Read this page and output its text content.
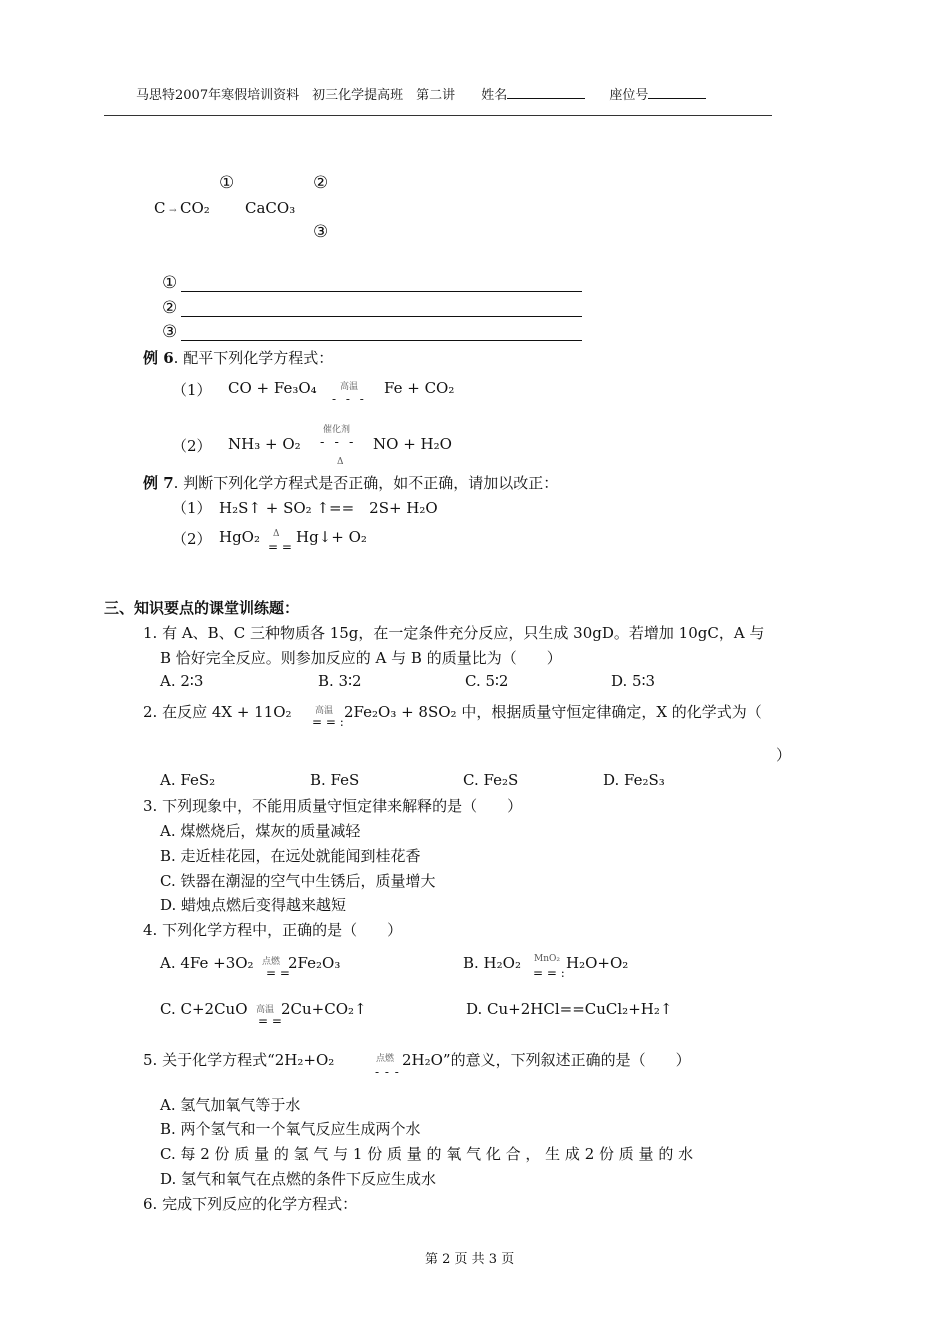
马思特2007年寒假培训资料　初三化学提高班　第二讲 姓名	座位号
①	②
C → CO₂ CaCO₃
③
①
②
③
例 6. 配平下列化学方程式：
（1） CO + Fe₃O₄	高温
- - -
Fe + CO₂
催化剂
（2） NH₃ + O₂ - - -
Δ
NO + H₂O
例 7. 判断下列化学方程式是否正确，如不正确，请加以改正：
（1）　H₂S↑ + SO₂ ↑==　2S+ H₂O
（2） HgO₂ Δ
= =
Hg↓+ O₂
三、知识要点的课堂训练题：
1. 有 A、B、C 三种物质各 15g，在一定条件充分反应，只生成 30gD。若增加 10gC，A 与
B 恰好完全反应。则参加反应的 A 与 B 的质量比为（　　）
A. 2∶3	B. 3∶2	C. 5∶2	D. 5∶3
2. 在反应 4X + 11O₂	高温
= = :
2Fe₂O₃ + 8SO₂ 中，根据质量守恒定律确定，X 的化学式为（
）
A. FeS₂	B. FeS	C. Fe₂S	D. Fe₂S₃
3. 下列现象中，不能用质量守恒定律来解释的是（　　）
A. 煤燃烧后，煤灰的质量减轻
B. 走近桂花园，在远处就能闻到桂花香
C. 铁器在潮湿的空气中生锈后，质量增大
D. 蜡烛点燃后变得越来越短
4. 下列化学方程中，正确的是（　　）
A. 4Fe +3O₂ 点燃
= =
2Fe₂O₃	B. H₂O₂ MnO₂
= = :
H₂O+O₂
C. C+2CuO 高温
= =
2Cu+CO₂↑	D. Cu+2HCl==CuCl₂+H₂↑
5. 关于化学方程式“2H₂+O₂	点燃
- - -
2H₂O”的意义，下列叙述正确的是（　　）
A. 氢气加氧气等于水
B. 两个氢气和一个氧气反应生成两个水
C. 每 2 份 质 量 的 氢 气 与 1 份 质 量 的 氧 气 化 合 ， 生 成 2 份 质 量 的 水
D. 氢气和氧气在点燃的条件下反应生成水
6. 完成下列反应的化学方程式：
第 2 页 共 3 页
